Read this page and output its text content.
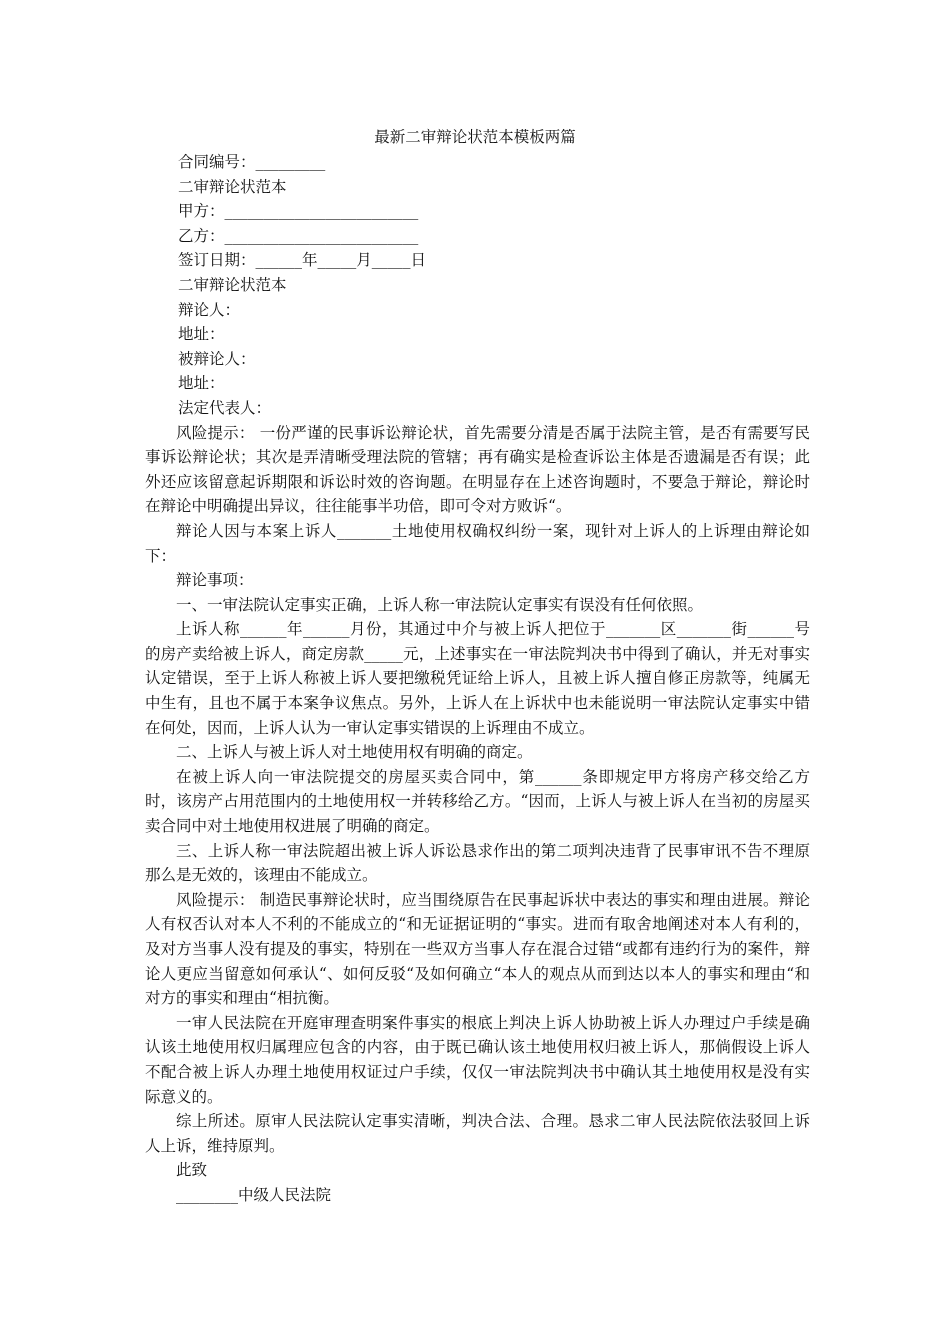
最新二审辩论状范本模板两篇

合同编号：_________

二审辩论状范本

甲方：_________________________

乙方：_________________________

签订日期：______年_____月_____日

二审辩论状范本

辩论人：

地址：

被辩论人：

地址：

法定代表人：

风险提示： 一份严谨的民事诉讼辩论状，首先需要分清是否属于法院主管，是否有需要写民事诉讼辩论状；其次是弄清晰受理法院的管辖；再有确实是检查诉讼主体是否遗漏是否有误；此外还应该留意起诉期限和诉讼时效的咨询题。在明显存在上述咨询题时，不要急于辩论，辩论时在辩论中明确提出异议，往往能事半功倍，即可令对方败诉“。

辩论人因与本案上诉人_______土地使用权确权纠纷一案，现针对上诉人的上诉理由辩论如下：

辩论事项：

一、一审法院认定事实正确，上诉人称一审法院认定事实有误没有任何依照。

上诉人称______年______月份，其通过中介与被上诉人把位于_______区_______街______号的房产卖给被上诉人，商定房款_____元，上述事实在一审法院判决书中得到了确认，并无对事实认定错误，至于上诉人称被上诉人要把缴税凭证给上诉人，且被上诉人擅自修正房款等，纯属无中生有，且也不属于本案争议焦点。另外，上诉人在上诉状中也未能说明一审法院认定事实中错在何处，因而，上诉人认为一审认定事实错误的上诉理由不成立。

二、上诉人与被上诉人对土地使用权有明确的商定。

在被上诉人向一审法院提交的房屋买卖合同中，第______条即规定甲方将房产移交给乙方时，该房产占用范围内的土地使用权一并转移给乙方。“因而，上诉人与被上诉人在当初的房屋买卖合同中对土地使用权进展了明确的商定。

三、上诉人称一审法院超出被上诉人诉讼恳求作出的第二项判决违背了民事审讯不告不理原那么是无效的，该理由不能成立。

风险提示： 制造民事辩论状时，应当围绕原告在民事起诉状中表达的事实和理由进展。辩论人有权否认对本人不利的不能成立的“和无证据证明的“事实。进而有取舍地阐述对本人有利的，及对方当事人没有提及的事实，特别在一些双方当事人存在混合过错“或都有违约行为的案件，辩论人更应当留意如何承认“、如何反驳“及如何确立“本人的观点从而到达以本人的事实和理由“和对方的事实和理由“相抗衡。

一审人民法院在开庭审理查明案件事实的根底上判决上诉人协助被上诉人办理过户手续是确认该土地使用权归属理应包含的内容，由于既已确认该土地使用权归被上诉人，那倘假设上诉人不配合被上诉人办理土地使用权证过户手续，仅仅一审法院判决书中确认其土地使用权是没有实际意义的。

综上所述。原审人民法院认定事实清晰，判决合法、合理。恳求二审人民法院依法驳回上诉人上诉，维持原判。

此致

________中级人民法院
